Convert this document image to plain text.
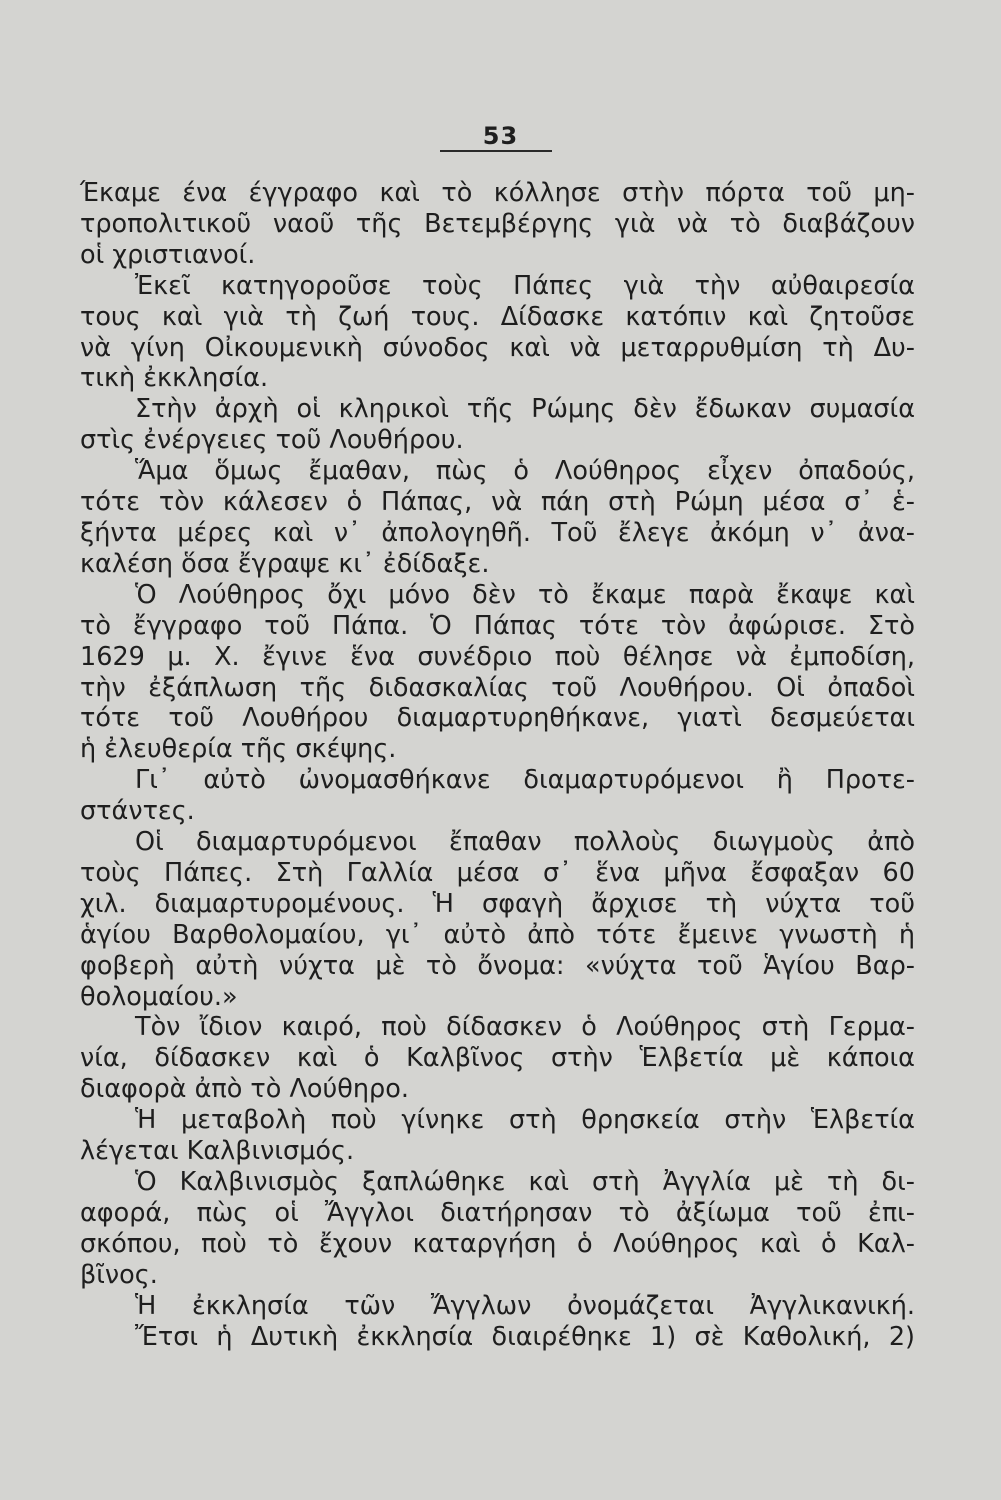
53
Έκαμε ένα έγγραφο καὶ τὸ κόλλησε στὴν πόρτα τοῦ μη-
τροπολιτικοῦ ναοῦ τῆς Βετεμβέργης γιὰ νὰ τὸ διαβάζουν
οἱ χριστιανοί.
Ἐκεῖ κατηγοροῦσε τοὺς Πάπες γιὰ τὴν αὐθαιρεσία
τους καὶ γιὰ τὴ ζωή τους. Δίδασκε κατόπιν καὶ ζητοῦσε
νὰ γίνη Οἰκουμενικὴ σύνοδος καὶ νὰ μεταρρυθμίση τὴ Δυ-
τικὴ ἐκκλησία.
Στὴν ἀρχὴ οἱ κληρικοὶ τῆς Ρώμης δὲν ἔδωκαν συμασία
στὶς ἐνέργειες τοῦ Λουθήρου.
Ἅμα ὅμως ἔμαθαν, πὼς ὁ Λούθηρος εἶχεν ὀπαδούς,
τότε τὸν κάλεσεν ὁ Πάπας, νὰ πάη στὴ Ρώμη μέσα σ᾿ ἑ-
ξήντα μέρες καὶ ν᾿ ἀπολογηθῆ. Τοῦ ἔλεγε ἀκόμη ν᾿ ἀνα-
καλέση ὅσα ἔγραψε κι᾿ ἐδίδαξε.
Ὁ Λούθηρος ὄχι μόνο δὲν τὸ ἔκαμε παρὰ ἔκαψε καὶ
τὸ ἔγγραφο τοῦ Πάπα. Ὁ Πάπας τότε τὸν ἀφώρισε. Στὸ
1629 μ. Χ. ἔγινε ἕνα συνέδριο ποὺ θέλησε νὰ ἐμποδίση,
τὴν ἐξάπλωση τῆς διδασκαλίας τοῦ Λουθήρου. Οἱ ὀπαδοὶ
τότε τοῦ Λουθήρου διαμαρτυρηθήκανε, γιατὶ δεσμεύεται
ἡ ἐλευθερία τῆς σκέψης.
Γι᾿ αὐτὸ ὠνομασθήκανε διαμαρτυρόμενοι ἢ Προτε-
στάντες.
Οἱ διαμαρτυρόμενοι ἔπαθαν πολλοὺς διωγμοὺς ἀπὸ
τοὺς Πάπες. Στὴ Γαλλία μέσα σ᾿ ἕνα μῆνα ἔσφαξαν 60
χιλ. διαμαρτυρομένους. Ἡ σφαγὴ ἄρχισε τὴ νύχτα τοῦ
ἁγίου Βαρθολομαίου, γι᾿ αὐτὸ ἀπὸ τότε ἔμεινε γνωστὴ ἡ
φοβερὴ αὐτὴ νύχτα μὲ τὸ ὄνομα: «νύχτα τοῦ Ἁγίου Βαρ-
θολομαίου.»
Τὸν ἴδιον καιρό, ποὺ δίδασκεν ὁ Λούθηρος στὴ Γερμα-
νία, δίδασκεν καὶ ὁ Καλβῖνος στὴν Ἑλβετία μὲ κάποια
διαφορὰ ἀπὸ τὸ Λούθηρο.
Ἡ μεταβολὴ ποὺ γίνηκε στὴ θρησκεία στὴν Ἑλβετία
λέγεται Καλβινισμός.
Ὁ Καλβινισμὸς ξαπλώθηκε καὶ στὴ Ἀγγλία μὲ τὴ δι-
αφορά, πὼς οἱ Ἄγγλοι διατήρησαν τὸ ἀξίωμα τοῦ ἐπι-
σκόπου, ποὺ τὸ ἔχουν καταργήση ὁ Λούθηρος καὶ ὁ Καλ-
βῖνος.
Ἡ ἐκκλησία τῶν Ἄγγλων ὀνομάζεται Ἀγγλικανική.
Ἔτσι ἡ Δυτικὴ ἐκκλησία διαιρέθηκε 1) σὲ Καθολική, 2)
